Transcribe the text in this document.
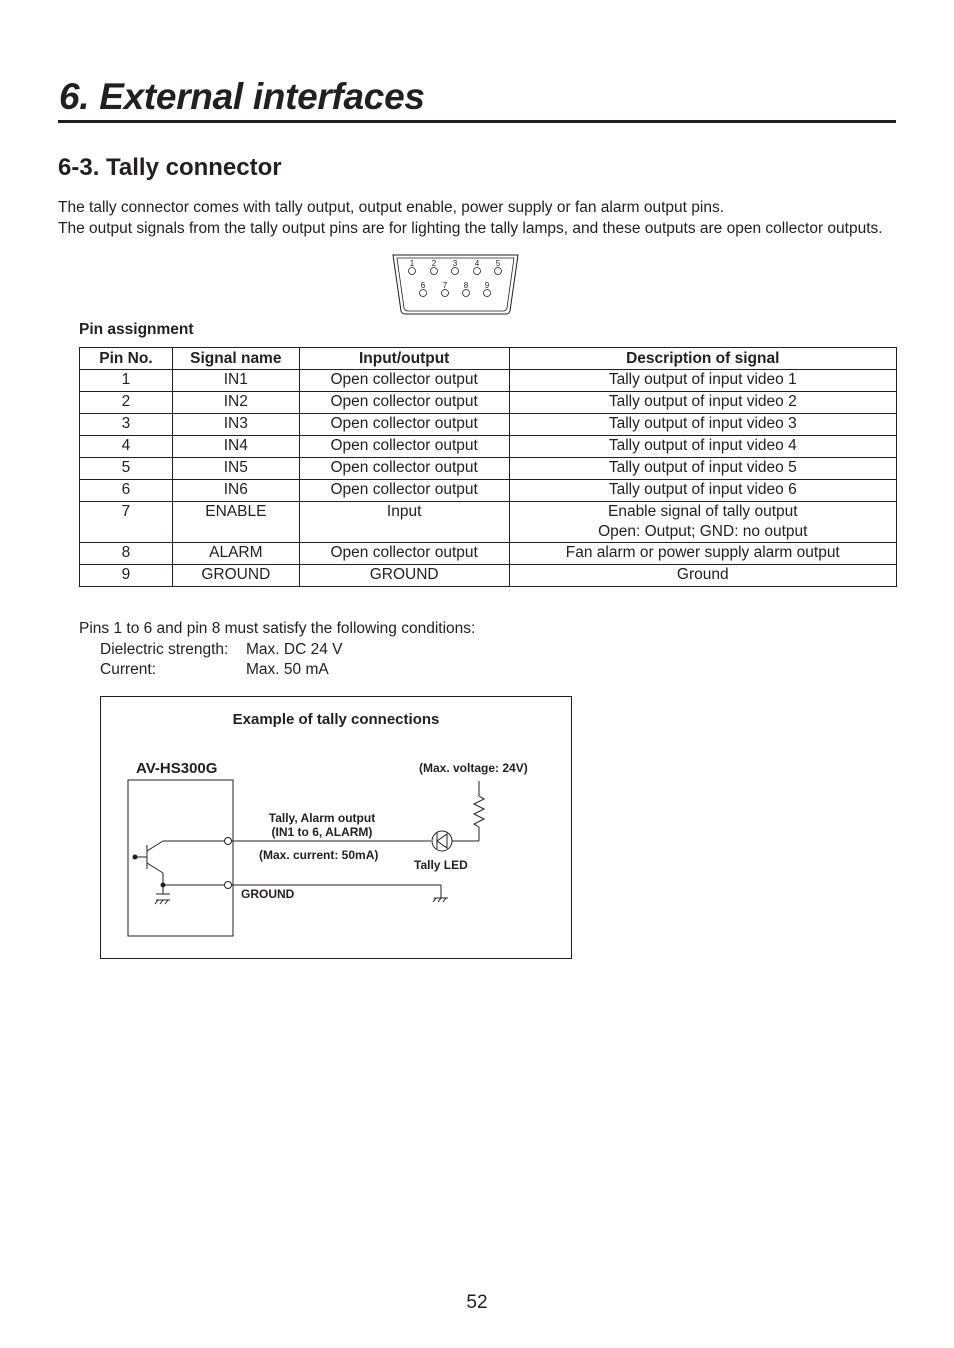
6. External interfaces
6-3. Tally connector

The tally connector comes with tally output, output enable, power supply or fan alarm output pins.

The output signals from the tally output pins are for lighting the tally lamps, and these outputs are open collector outputs.

1 2 3 4 5
6 7 8 9
Pin assignment
Pin No.	Signal name	Input/output	Description of signal
1	IN1	Open collector output	Tally output of input video 1
2	IN2	Open collector output	Tally output of input video 2
3	IN3	Open collector output	Tally output of input video 3
4	IN4	Open collector output	Tally output of input video 4
5	IN5	Open collector output	Tally output of input video 5
6	IN6	Open collector output	Tally output of input video 6
7	ENABLE	Input	Enable signal of tally output
Open: Output; GND: no output

8	ALARM	Open collector output	Fan alarm or power supply alarm output
9	GROUND	GROUND	Ground
Pins 1 to 6 and pin 8 must satisfy the following conditions:
Dielectric strength:	Max. DC 24 V
Current:	Max. 50 mA
Example of tally connections
AV-HS300G	(Max. voltage: 24V)
Tally, Alarm output
(IN1 to 6, ALARM)
(Max. current: 50mA)
Tally LED
GROUND
52
